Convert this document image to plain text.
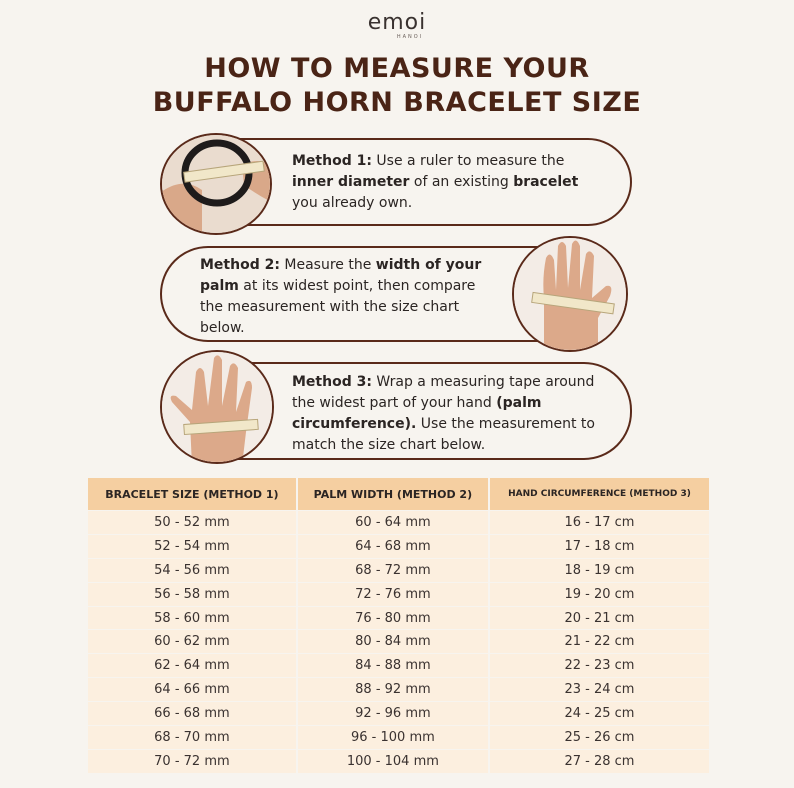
emoi
HANOI
HOW TO MEASURE YOUR
BUFFALO HORN BRACELET SIZE
Method 1: Use a ruler to measure the inner diameter of an existing bracelet you already own.
Method 2: Measure the width of your palm at its widest point, then compare the measurement with the size chart below.
Method 3: Wrap a measuring tape around the widest part of your hand (palm circumference). Use the measurement to match the size chart below.
BRACELET SIZE (METHOD 1)	PALM WIDTH (METHOD 2)	HAND CIRCUMFERENCE (METHOD 3)
50 - 52 mm	60 - 64 mm	16 - 17 cm
52 - 54 mm	64 - 68 mm	17 - 18 cm
54 - 56 mm	68 - 72 mm	18 - 19 cm
56 - 58 mm	72 - 76 mm	19 - 20 cm
58 - 60 mm	76 - 80 mm	20 - 21 cm
60 - 62 mm	80 - 84 mm	21 - 22 cm
62 - 64 mm	84 - 88 mm	22 - 23 cm
64 - 66 mm	88 - 92 mm	23 - 24 cm
66 - 68 mm	92 - 96 mm	24 - 25 cm
68 - 70 mm	96 - 100 mm	25 - 26 cm
70 - 72 mm	100 - 104 mm	27 - 28 cm
